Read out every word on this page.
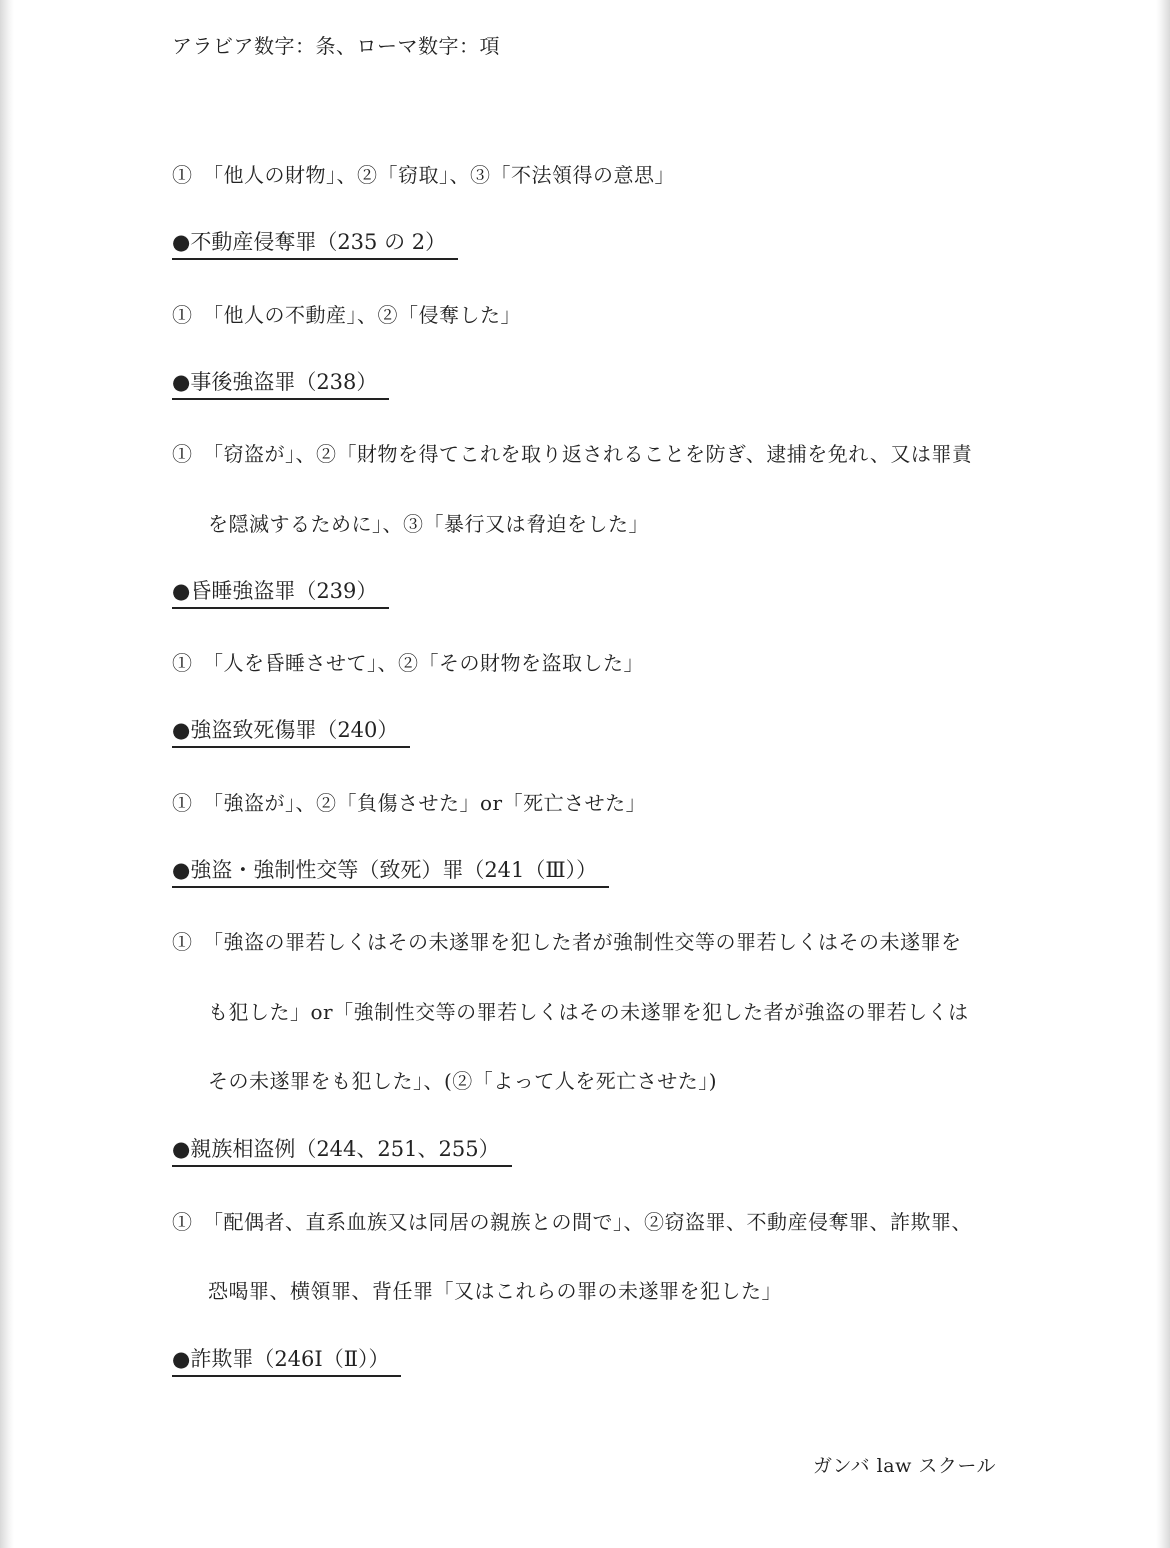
アラビア数字：条、ローマ数字：項
①　「他人の財物」、②「窃取」、③「不法領得の意思」
●不動産侵奪罪（235 の 2）
①　「他人の不動産」、②「侵奪した」
●事後強盗罪（238）
①　「窃盗が」、②「財物を得てこれを取り返されることを防ぎ、逮捕を免れ、又は罪責
を隠滅するために」、③「暴行又は脅迫をした」
●昏睡強盗罪（239）
①　「人を昏睡させて」、②「その財物を盗取した」
●強盗致死傷罪（240）
①　「強盗が」、②「負傷させた」or「死亡させた」
●強盗・強制性交等（致死）罪（241（Ⅲ））
①　「強盗の罪若しくはその未遂罪を犯した者が強制性交等の罪若しくはその未遂罪を
も犯した」or「強制性交等の罪若しくはその未遂罪を犯した者が強盗の罪若しくは
その未遂罪をも犯した」、(②「よって人を死亡させた」)
●親族相盗例（244、251、255）
①　「配偶者、直系血族又は同居の親族との間で」、②窃盗罪、不動産侵奪罪、詐欺罪、
恐喝罪、横領罪、背任罪「又はこれらの罪の未遂罪を犯した」
●詐欺罪（246Ⅰ（Ⅱ））
ガンバ law スクール
